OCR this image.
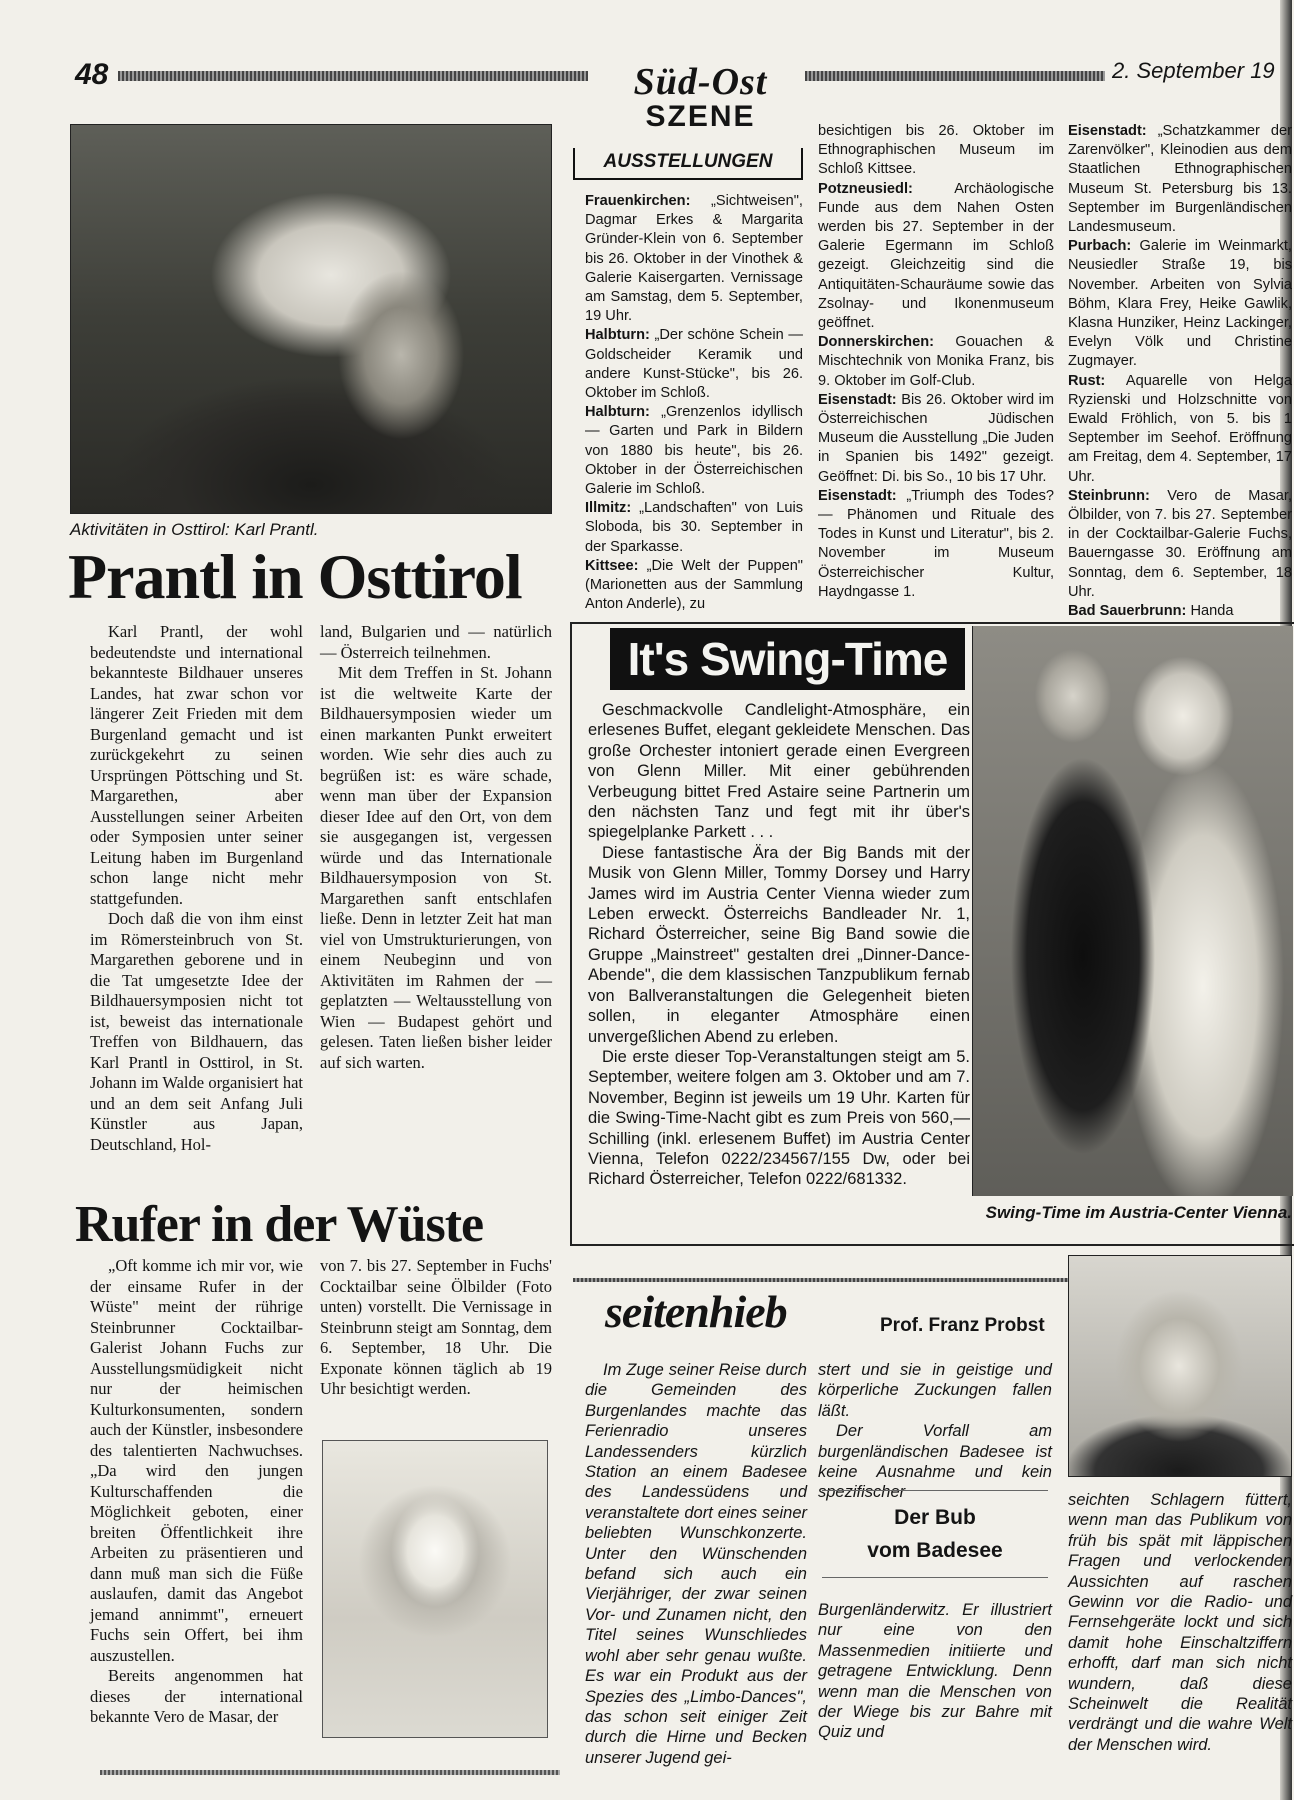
48	Süd-Ost
SZENE
2. September 19
Aktivitäten in Osttirol: Karl Prantl.
Prantl in Osttirol

Karl Prantl, der wohl bedeutendste und international bekannteste Bildhauer unseres Landes, hat zwar schon vor längerer Zeit Frieden mit dem Burgenland gemacht und ist zurückgekehrt zu seinen Ursprüngen Pöttsching und St. Margarethen, aber Ausstellungen seiner Arbeiten oder Symposien unter seiner Leitung haben im Burgenland schon lange nicht mehr stattgefunden.

Doch daß die von ihm einst im Römersteinbruch von St. Margarethen geborene und in die Tat umgesetzte Idee der Bildhauersymposien nicht tot ist, beweist das internationale Treffen von Bildhauern, das Karl Prantl in Osttirol, in St. Johann im Walde organisiert hat und an dem seit Anfang Juli Künstler aus Japan, Deutschland, Hol-

land, Bulgarien und — natürlich — Österreich teilnehmen.

Mit dem Treffen in St. Johann ist die weltweite Karte der Bildhauersymposien wieder um einen markanten Punkt erweitert worden. Wie sehr dies auch zu begrüßen ist: es wäre schade, wenn man über der Expansion dieser Idee auf den Ort, von dem sie ausgegangen ist, vergessen würde und das Internationale Bildhauersymposion von St. Margarethen sanft entschlafen ließe. Denn in letzter Zeit hat man viel von Umstrukturierungen, von einem Neubeginn und von Aktivitäten im Rahmen der — geplatzten — Weltausstellung von Wien — Budapest gehört und gelesen. Taten ließen bisher leider auf sich warten.

Rufer in der Wüste

„Oft komme ich mir vor, wie der einsame Rufer in der Wüste" meint der rührige Steinbrunner Cocktailbar-Galerist Johann Fuchs zur Ausstellungsmüdigkeit nicht nur der heimischen Kulturkonsumenten, sondern auch der Künstler, insbesondere des talentierten Nachwuchses. „Da wird den jungen Kulturschaffenden die Möglichkeit geboten, einer breiten Öffentlichkeit ihre Arbeiten zu präsentieren und dann muß man sich die Füße auslaufen, damit das Angebot jemand annimmt", erneuert Fuchs sein Offert, bei ihm auszustellen.

Bereits angenommen hat dieses der international bekannte Vero de Masar, der

von 7. bis 27. September in Fuchs' Cocktailbar seine Ölbilder (Foto unten) vorstellt. Die Vernissage in Steinbrunn steigt am Sonntag, dem 6. September, 18 Uhr. Die Exponate können täglich ab 19 Uhr besichtigt werden.

AUSSTELLUNGEN

Frauenkirchen: „Sichtweisen", Dagmar Erkes & Margarita Gründer-Klein von 6. September bis 26. Oktober in der Vinothek & Galerie Kaisergarten. Vernissage am Samstag, dem 5. September, 19 Uhr.

Halbturn: „Der schöne Schein — Goldscheider Keramik und andere Kunst-Stücke", bis 26. Oktober im Schloß.

Halbturn: „Grenzenlos idyllisch — Garten und Park in Bildern von 1880 bis heute", bis 26. Oktober in der Österreichischen Galerie im Schloß.

Illmitz: „Landschaften" von Luis Sloboda, bis 30. September in der Sparkasse.

Kittsee: „Die Welt der Puppen" (Marionetten aus der Sammlung Anton Anderle), zu

besichtigen bis 26. Oktober im Ethnographischen Museum im Schloß Kittsee.

Potzneusiedl: Archäologische Funde aus dem Nahen Osten werden bis 27. September in der Galerie Egermann im Schloß gezeigt. Gleichzeitig sind die Antiquitäten-Schauräume sowie das Zsolnay- und Ikonenmuseum geöffnet.

Donnerskirchen: Gouachen & Mischtechnik von Monika Franz, bis 9. Oktober im Golf-Club.

Eisenstadt: Bis 26. Oktober wird im Österreichischen Jüdischen Museum die Ausstellung „Die Juden in Spanien bis 1492" gezeigt. Geöffnet: Di. bis So., 10 bis 17 Uhr.

Eisenstadt: „Triumph des Todes? — Phänomen und Rituale des Todes in Kunst und Literatur", bis 2. November im Museum Österreichischer Kultur, Haydngasse 1.

Eisenstadt: „Schatzkammer der Zarenvölker", Kleinodien aus dem Staatlichen Ethnographischen Museum St. Petersburg bis 13. September im Burgenländischen Landesmuseum.

Purbach: Galerie im Weinmarkt, Neusiedler Straße 19, bis November. Arbeiten von Sylvia Böhm, Klara Frey, Heike Gawlik, Klasna Hunziker, Heinz Lackinger, Evelyn Völk und Christine Zugmayer.

Rust: Aquarelle von Helga Ryzienski und Holzschnitte von Ewald Fröhlich, von 5. bis 1 September im Seehof. Eröffnung am Freitag, dem 4. September, 17 Uhr.

Steinbrunn: Vero de Masar, Ölbilder, von 7. bis 27. September in der Cocktailbar-Galerie Fuchs, Bauerngasse 30. Eröffnung am Sonntag, dem 6. September, 18 Uhr.

Bad Sauerbrunn: Handa

It's Swing-Time

Geschmackvolle Candlelight-Atmosphäre, ein erlesenes Buffet, elegant gekleidete Menschen. Das große Orchester intoniert gerade einen Evergreen von Glenn Miller. Mit einer gebührenden Verbeugung bittet Fred Astaire seine Partnerin um den nächsten Tanz und fegt mit ihr über's spiegelplanke Parkett . . .

Diese fantastische Ära der Big Bands mit der Musik von Glenn Miller, Tommy Dorsey und Harry James wird im Austria Center Vienna wieder zum Leben erweckt. Österreichs Bandleader Nr. 1, Richard Österreicher, seine Big Band sowie die Gruppe „Mainstreet" gestalten drei „Dinner-Dance-Abende", die dem klassischen Tanzpublikum fernab von Ballveranstaltungen die Gelegenheit bieten sollen, in eleganter Atmosphäre einen unvergeßlichen Abend zu erleben.

Die erste dieser Top-Veranstaltungen steigt am 5. September, weitere folgen am 3. Oktober und am 7. November, Beginn ist jeweils um 19 Uhr. Karten für die Swing-Time-Nacht gibt es zum Preis von 560,— Schilling (inkl. erlesenem Buffet) im Austria Center Vienna, Telefon 0222/234567/155 Dw, oder bei Richard Österreicher, Telefon 0222/681332.

Swing-Time im Austria-Center Vienna.
seitenhieb	Prof. Franz Probst

Im Zuge seiner Reise durch die Gemeinden des Burgenlandes machte das Ferienradio unseres Landessenders kürzlich Station an einem Badesee des Landessüdens und veranstaltete dort eines seiner beliebten Wunschkonzerte. Unter den Wünschenden befand sich auch ein Vierjähriger, der zwar seinen Vor- und Zunamen nicht, den Titel seines Wunschliedes wohl aber sehr genau wußte. Es war ein Produkt aus der Spezies des „Limbo-Dances", das schon seit einiger Zeit durch die Hirne und Becken unserer Jugend gei-

stert und sie in geistige und körperliche Zuckungen fallen läßt.

Der Vorfall am burgenländischen Badesee ist keine Ausnahme und kein spezifischer

Der Bub
vom Badesee

Burgenländerwitz. Er illustriert nur eine von den Massenmedien initiierte und getragene Entwicklung. Denn wenn man die Menschen von der Wiege bis zur Bahre mit Quiz und

seichten Schlagern füttert, wenn man das Publikum von früh bis spät mit läppischen Fragen und verlockenden Aussichten auf raschen Gewinn vor die Radio- und Fernsehgeräte lockt und sich damit hohe Einschaltziffern erhofft, darf man sich nicht wundern, daß diese Scheinwelt die Realität verdrängt und die wahre Welt der Menschen wird.
